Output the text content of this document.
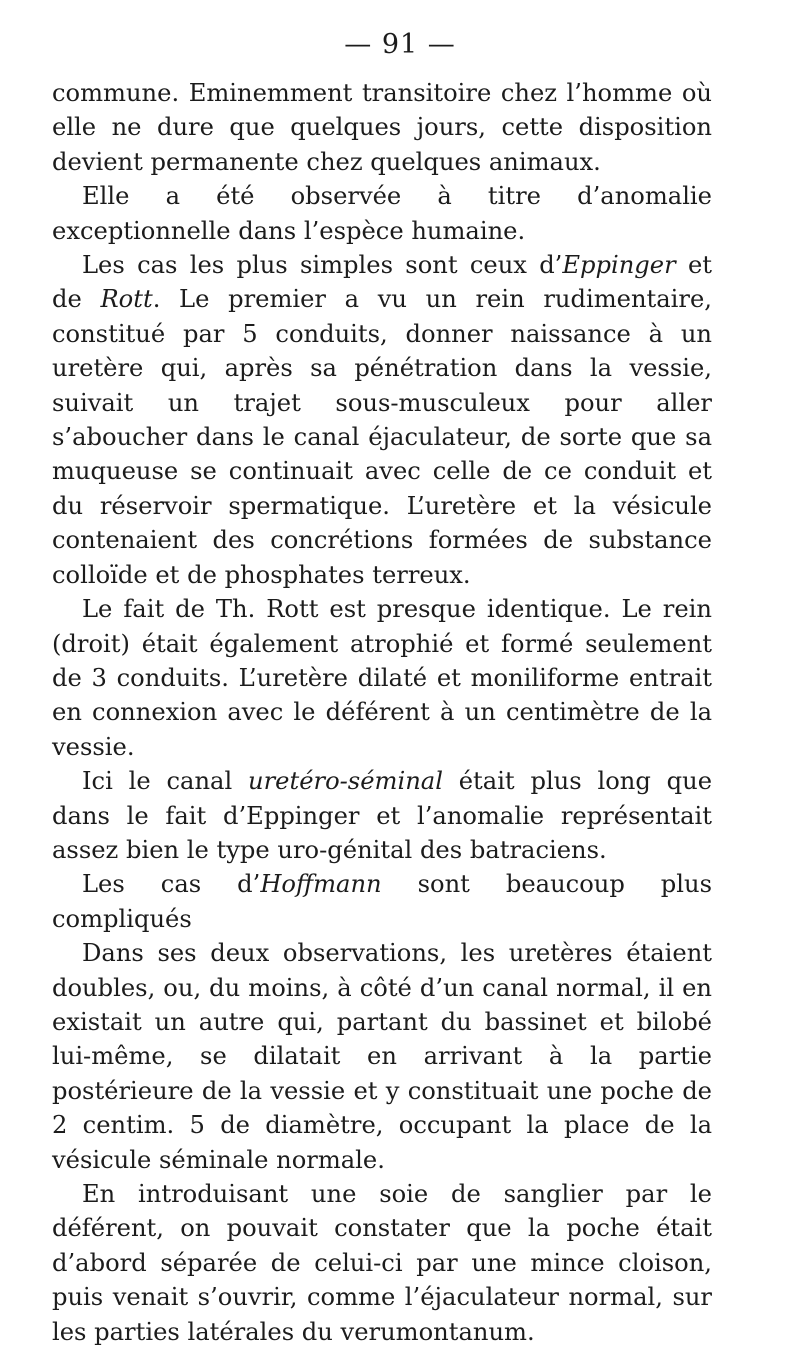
— 91 —

commune. Eminemment transitoire chez l’homme où elle ne dure que quelques jours, cette disposition devient permanente chez quelques animaux.

Elle a été observée à titre d’anomalie exceptionnelle dans l’espèce humaine.

Les cas les plus simples sont ceux d’Eppinger et de Rott. Le premier a vu un rein rudimentaire, constitué par 5 conduits, donner naissance à un uretère qui, après sa pénétration dans la vessie, suivait un trajet sous-musculeux pour aller s’aboucher dans le canal éjaculateur, de sorte que sa muqueuse se continuait avec celle de ce conduit et du réservoir spermatique. L’uretère et la vésicule contenaient des concrétions formées de substance colloïde et de phosphates terreux.

Le fait de Th. Rott est presque identique. Le rein (droit) était également atrophié et formé seulement de 3 conduits. L’uretère dilaté et moniliforme entrait en connexion avec le déférent à un centimètre de la vessie.

Ici le canal uretéro-séminal était plus long que dans le fait d’Eppinger et l’anomalie représentait assez bien le type uro-génital des batraciens.

Les cas d’Hoffmann sont beaucoup plus compliqués

Dans ses deux observations, les uretères étaient doubles, ou, du moins, à côté d’un canal normal, il en existait un autre qui, partant du bassinet et bilobé lui-même, se dilatait en arrivant à la partie postérieure de la vessie et y constituait une poche de 2 centim. 5 de diamètre, occupant la place de la vésicule séminale normale.

En introduisant une soie de sanglier par le déférent, on pouvait constater que la poche était d’abord séparée de celui-ci par une mince cloison, puis venait s’ouvrir, comme l’éjaculateur normal, sur les parties latérales du verumontanum.
